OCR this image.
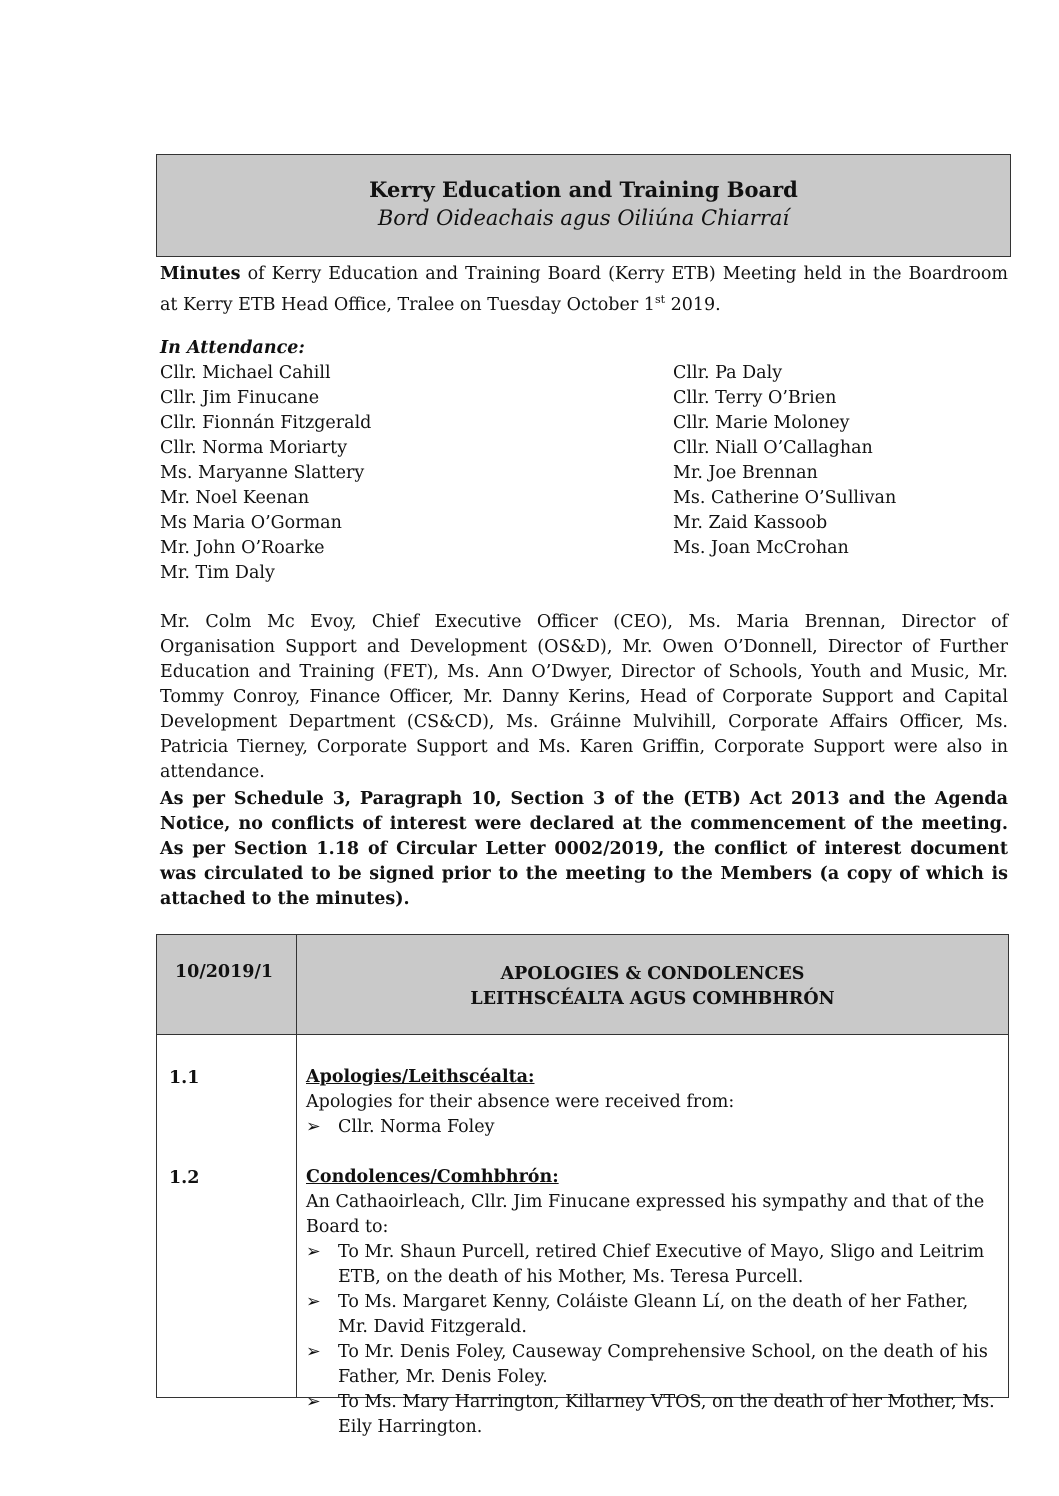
Kerry Education and Training Board
Bord Oideachais agus Oiliúna Chiarraí
Minutes of Kerry Education and Training Board (Kerry ETB) Meeting held in the Boardroom at Kerry ETB Head Office, Tralee on Tuesday October 1st 2019.
In Attendance:
Cllr. Michael Cahill
Cllr. Jim Finucane
Cllr. Fionnán Fitzgerald
Cllr. Norma Moriarty
Ms. Maryanne Slattery
Mr. Noel Keenan
Ms Maria O’Gorman
Mr. John O’Roarke
Mr. Tim Daly
Cllr. Pa Daly
Cllr. Terry O’Brien
Cllr. Marie Moloney
Cllr. Niall O’Callaghan
Mr. Joe Brennan
Ms. Catherine O’Sullivan
Mr. Zaid Kassoob
Ms. Joan McCrohan
Mr. Colm Mc Evoy, Chief Executive Officer (CEO), Ms. Maria Brennan, Director of Organisation Support and Development (OS&D), Mr. Owen O’Donnell, Director of Further Education and Training (FET), Ms. Ann O’Dwyer, Director of Schools, Youth and Music, Mr. Tommy Conroy, Finance Officer, Mr. Danny Kerins, Head of Corporate Support and Capital Development Department (CS&CD), Ms. Gráinne Mulvihill, Corporate Affairs Officer, Ms. Patricia Tierney, Corporate Support and Ms. Karen Griffin, Corporate Support were also in attendance.
As per Schedule 3, Paragraph 10, Section 3 of the (ETB) Act 2013 and the Agenda Notice, no conflicts of interest were declared at the commencement of the meeting. As per Section 1.18 of Circular Letter 0002/2019, the conflict of interest document was circulated to be signed prior to the meeting to the Members (a copy of which is attached to the minutes).
10/2019/1	APOLOGIES & CONDOLENCES
LEITHSCÉALTA AGUS COMHBHRÓN
1.1	Apologies/Leithscéalta:
Apologies for their absence were received from:
➢ Cllr. Norma Foley
1.2	Condolences/Comhbhrón:
An Cathaoirleach, Cllr. Jim Finucane expressed his sympathy and that of the Board to:
➢ To Mr. Shaun Purcell, retired Chief Executive of Mayo, Sligo and Leitrim ETB, on the death of his Mother, Ms. Teresa Purcell.
➢ To Ms. Margaret Kenny, Coláiste Gleann Lí, on the death of her Father, Mr. David Fitzgerald.
➢ To Mr. Denis Foley, Causeway Comprehensive School, on the death of his Father, Mr. Denis Foley.
➢ To Ms. Mary Harrington, Killarney VTOS, on the death of her Mother, Ms. Eily Harrington.
